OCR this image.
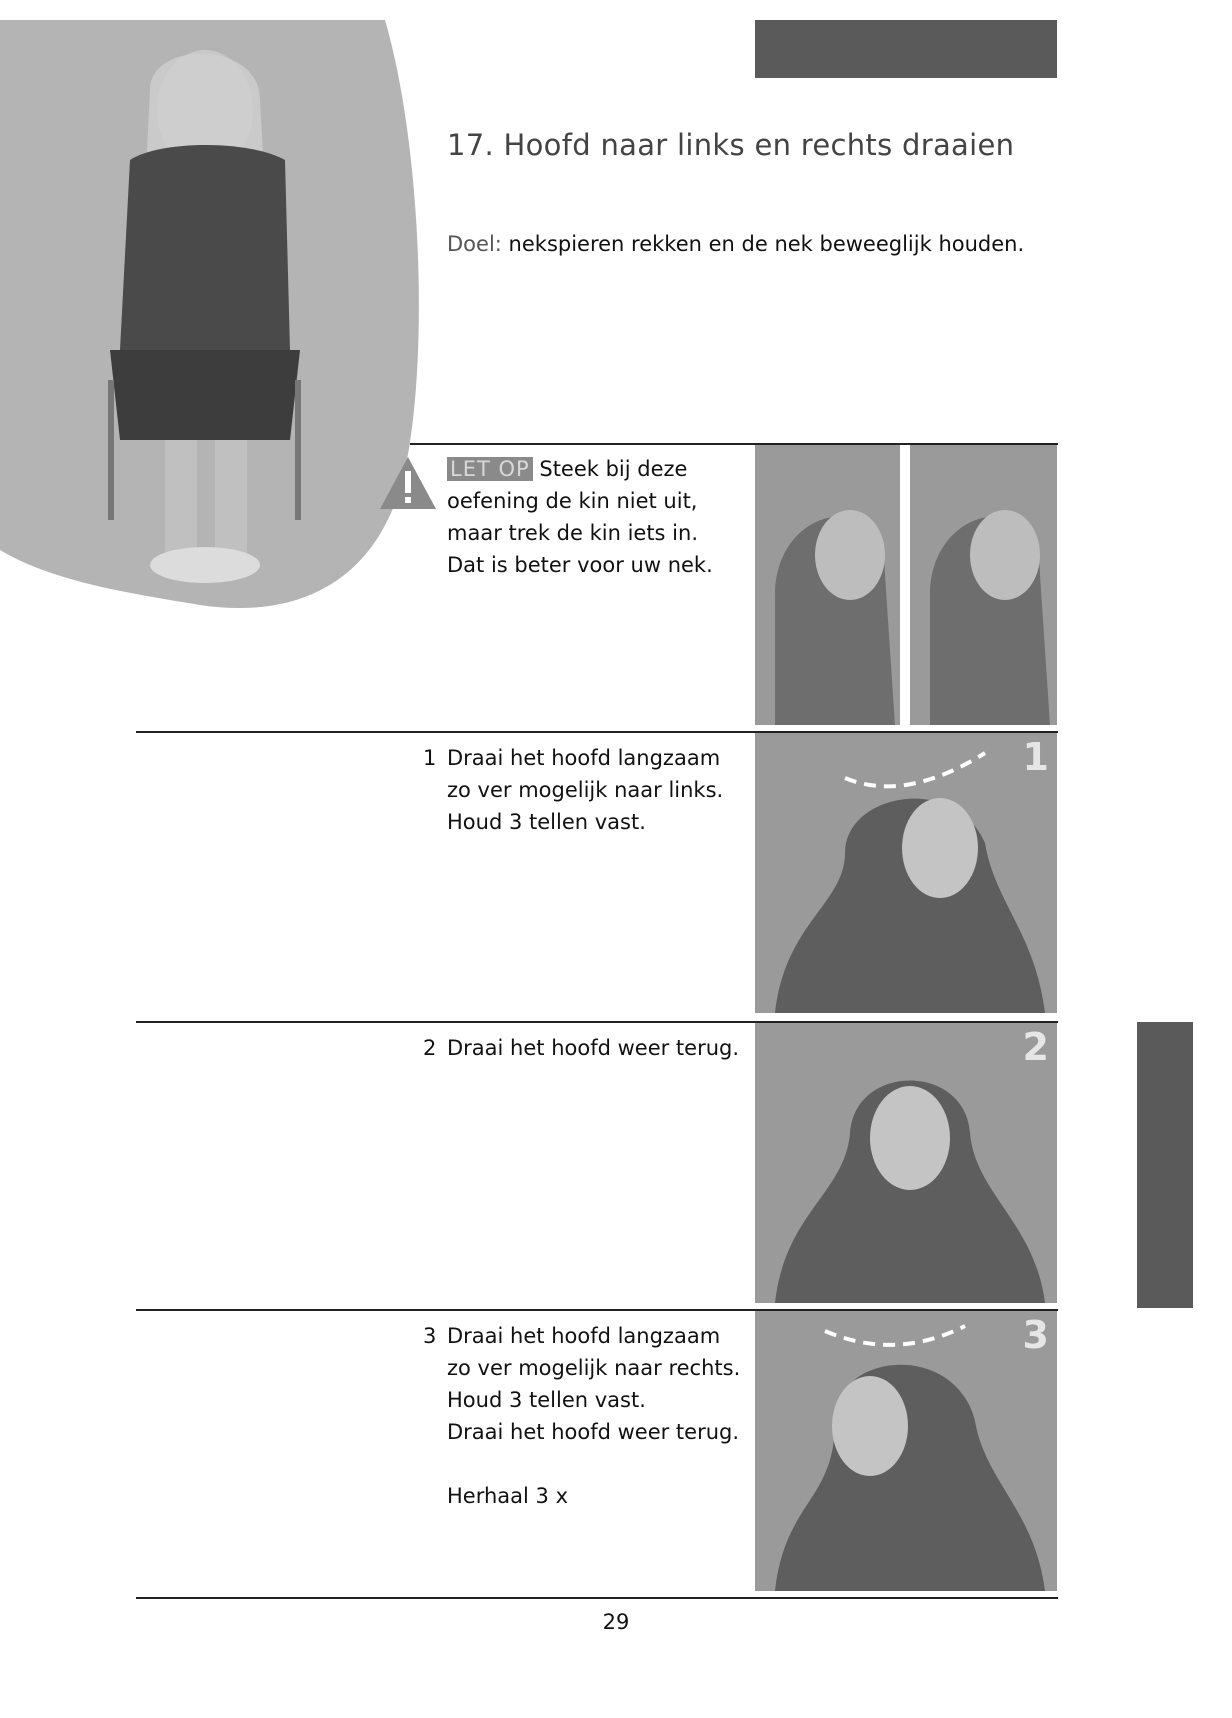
17. Hoofd naar links en rechts draaien
Doel: nekspieren rekken en de nek beweeglijk houden.
LET OP Steek bij deze
oefening de kin niet uit,
maar trek de kin iets in.
Dat is beter voor uw nek.
1 Draai het hoofd langzaam
zo ver mogelijk naar links.
Houd 3 tellen vast.
1
2 Draai het hoofd weer terug.	2
3 Draai het hoofd langzaam
zo ver mogelijk naar rechts.
Houd 3 tellen vast.
Draai het hoofd weer terug.
Herhaal 3 x
3
29
